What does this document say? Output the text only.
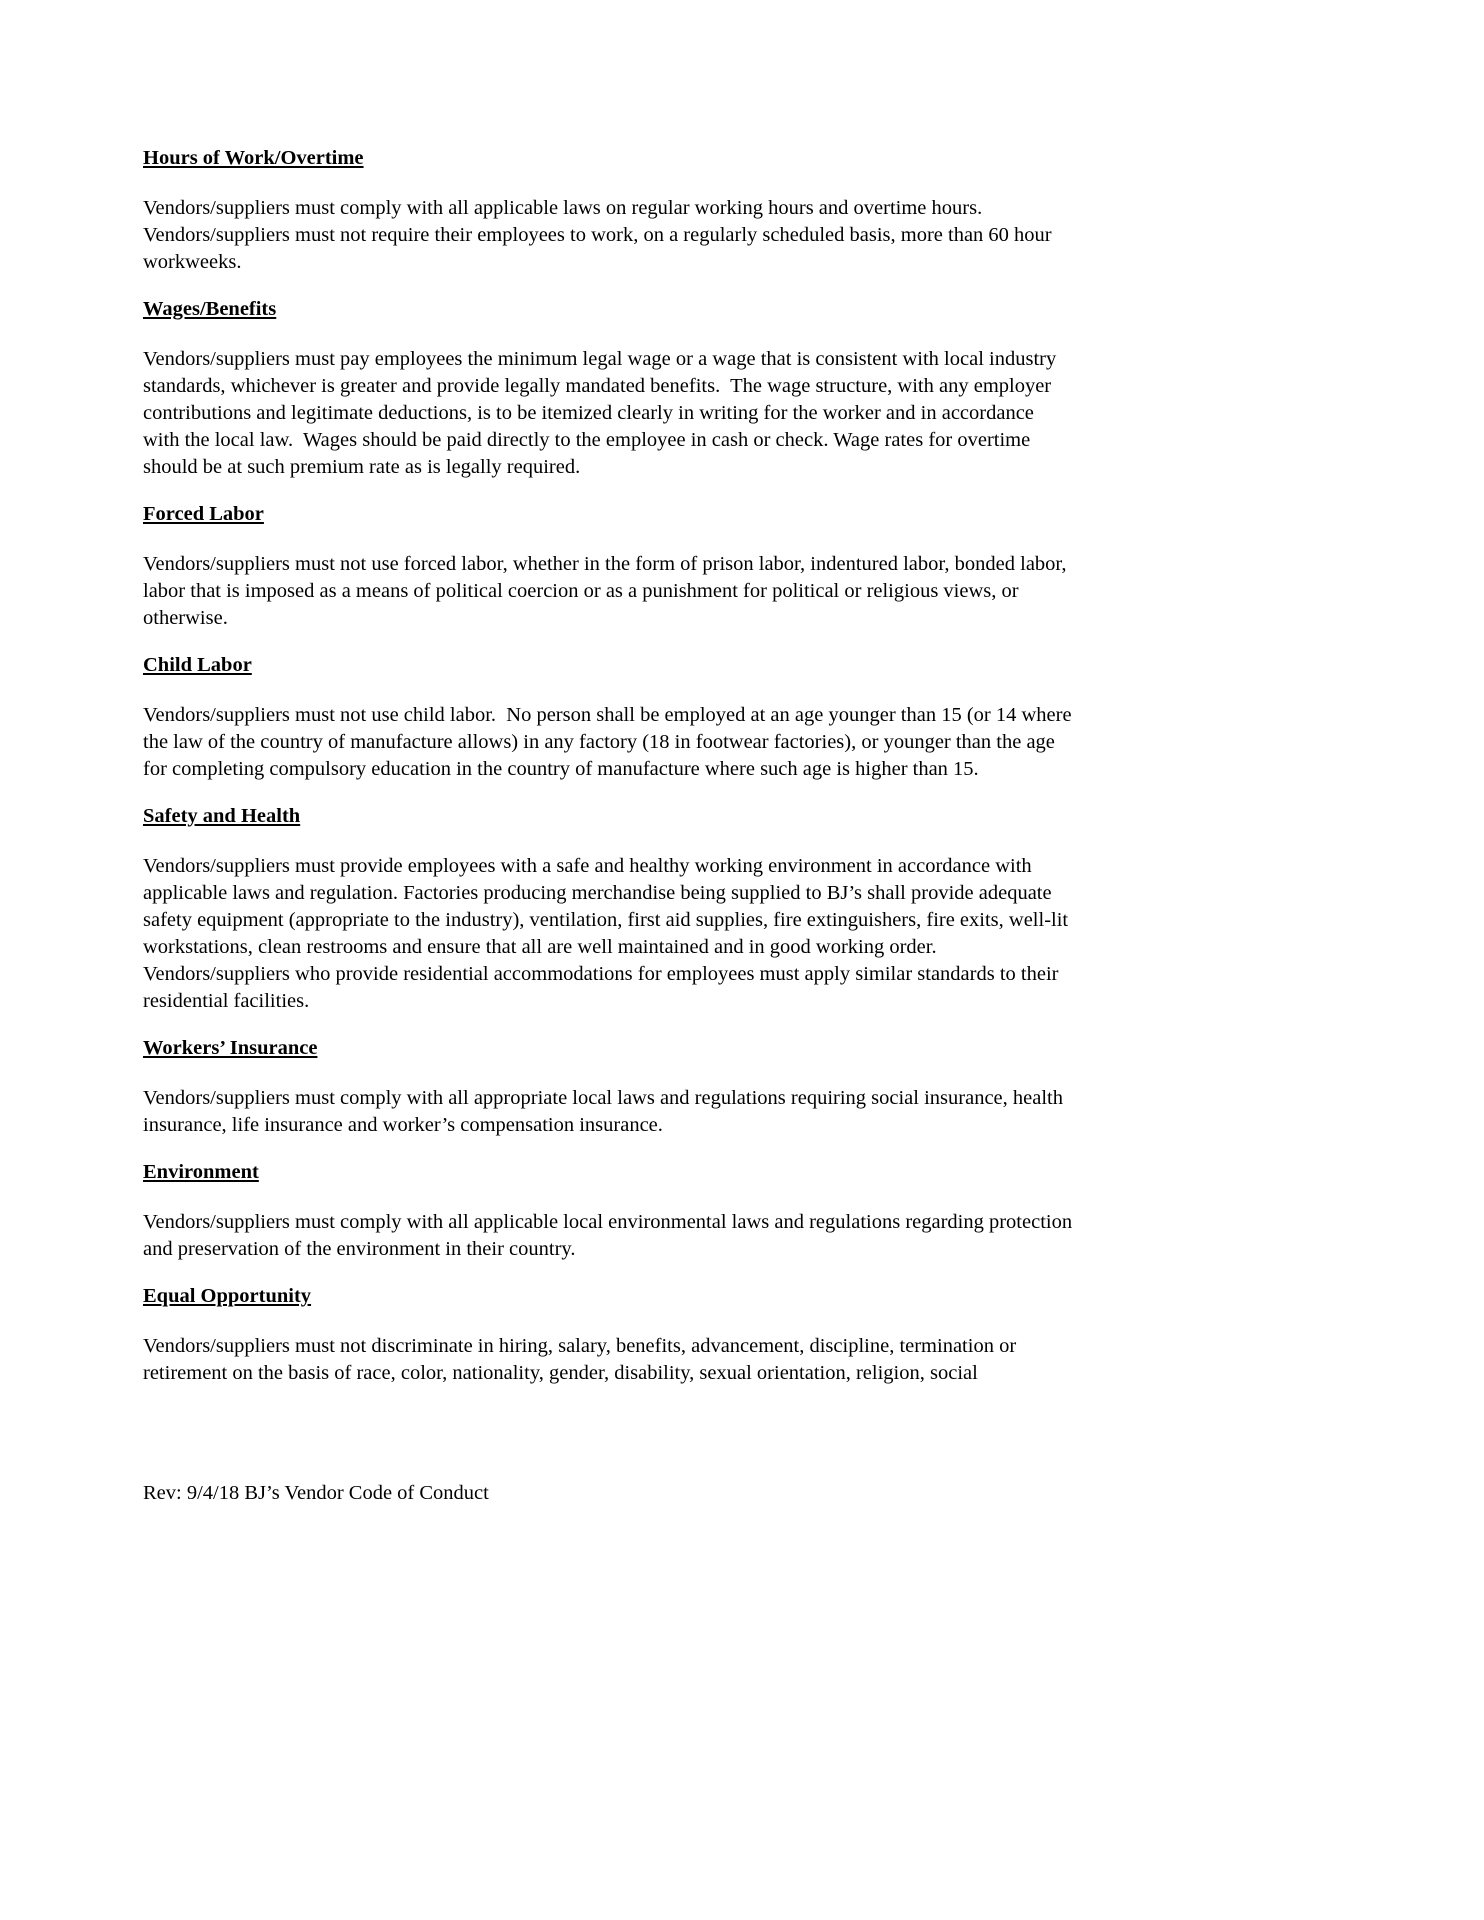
Hours of Work/Overtime

Vendors/suppliers must comply with all applicable laws on regular working hours and overtime hours. Vendors/suppliers must not require their employees to work, on a regularly scheduled basis, more than 60 hour workweeks.

Wages/Benefits

Vendors/suppliers must pay employees the minimum legal wage or a wage that is consistent with local industry standards, whichever is greater and provide legally mandated benefits.  The wage structure, with any employer contributions and legitimate deductions, is to be itemized clearly in writing for the worker and in accordance with the local law.  Wages should be paid directly to the employee in cash or check. Wage rates for overtime should be at such premium rate as is legally required.

Forced Labor

Vendors/suppliers must not use forced labor, whether in the form of prison labor, indentured labor, bonded labor, labor that is imposed as a means of political coercion or as a punishment for political or religious views, or otherwise.

Child Labor

Vendors/suppliers must not use child labor.  No person shall be employed at an age younger than 15 (or 14 where the law of the country of manufacture allows) in any factory (18 in footwear factories), or younger than the age for completing compulsory education in the country of manufacture where such age is higher than 15.

Safety and Health

Vendors/suppliers must provide employees with a safe and healthy working environment in accordance with applicable laws and regulation. Factories producing merchandise being supplied to BJ’s shall provide adequate safety equipment (appropriate to the industry), ventilation, first aid supplies, fire extinguishers, fire exits, well-lit workstations, clean restrooms and ensure that all are well maintained and in good working order. Vendors/suppliers who provide residential accommodations for employees must apply similar standards to their residential facilities.

Workers’ Insurance

Vendors/suppliers must comply with all appropriate local laws and regulations requiring social insurance, health insurance, life insurance and worker’s compensation insurance.

Environment

Vendors/suppliers must comply with all applicable local environmental laws and regulations regarding protection and preservation of the environment in their country.

Equal Opportunity

Vendors/suppliers must not discriminate in hiring, salary, benefits, advancement, discipline, termination or retirement on the basis of race, color, nationality, gender, disability, sexual orientation, religion, social

Rev: 9/4/18 BJ’s Vendor Code of Conduct
